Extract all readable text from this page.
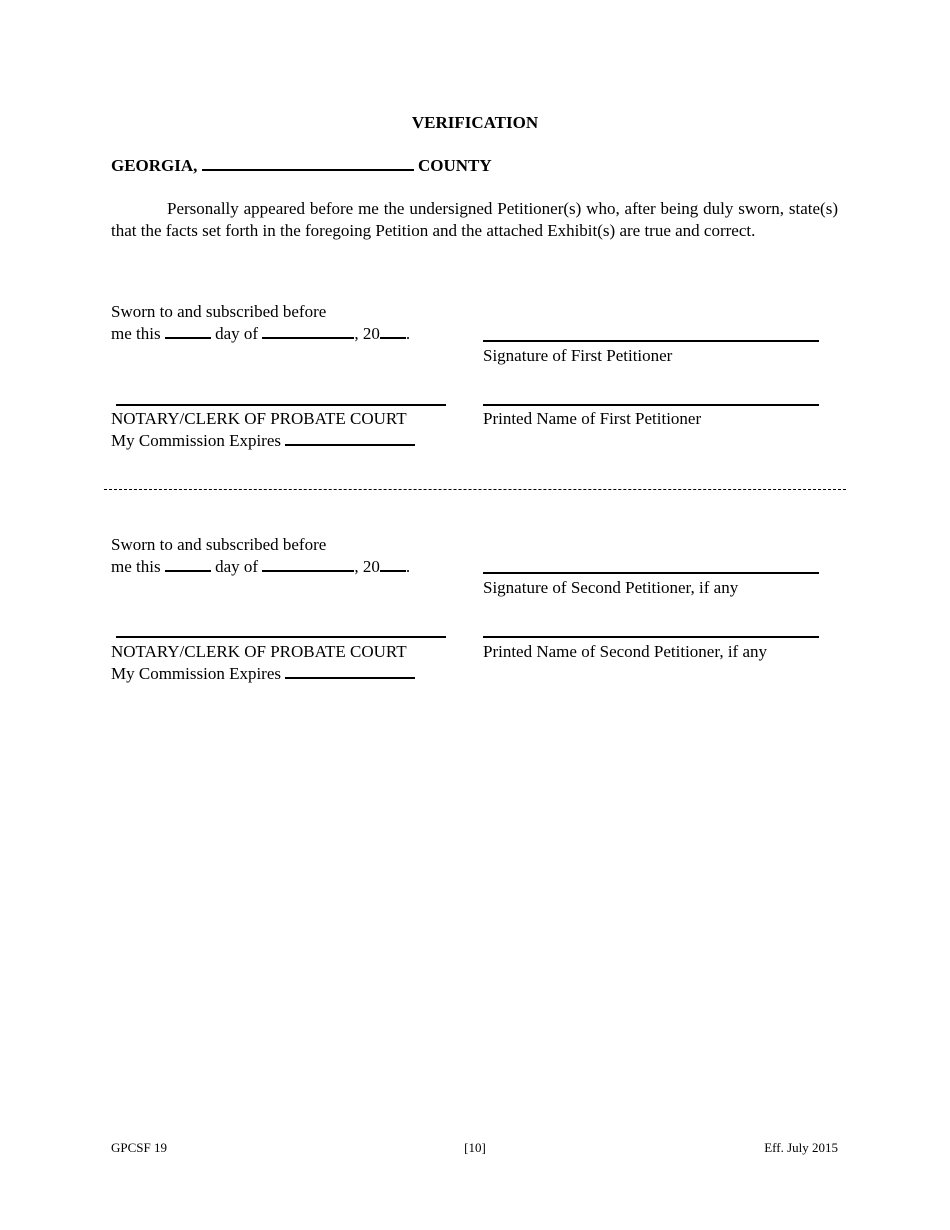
VERIFICATION
GEORGIA,	COUNTY
Personally appeared before me the undersigned Petitioner(s) who, after being duly sworn, state(s) that the facts set forth in the foregoing Petition and the attached Exhibit(s) are true and correct.
Sworn to and subscribed before
me this	day of	, 20 .
Signature of First Petitioner
NOTARY/CLERK OF PROBATE COURT	Printed Name of First Petitioner
My Commission Expires
Sworn to and subscribed before
me this	day of	, 20 .
Signature of Second Petitioner, if any
NOTARY/CLERK OF PROBATE COURT	Printed Name of Second Petitioner, if any
My Commission Expires
GPCSF 19	[10]	Eff. July 2015
